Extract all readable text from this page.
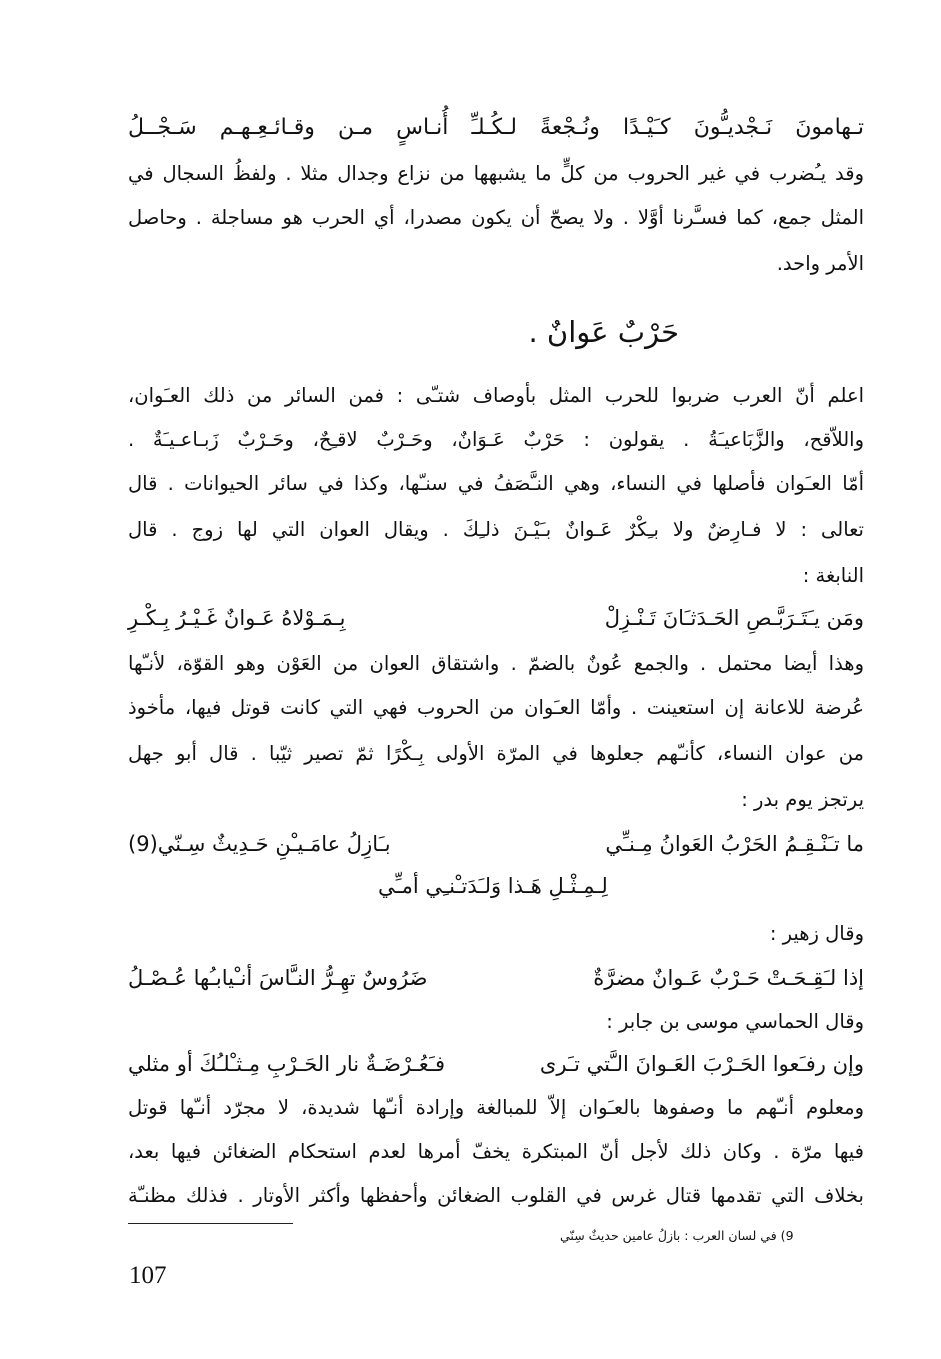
تـهامونَ نَـجْديـُّونَ كـَيْـدًا ونُـجْعةً لـكُـلـِّ أُنـاسٍ مـن وقـائـعِـهـم سَـجْــلُ
وقد يـُضرب في غير الحروب من كلٍّ ما يشبهها من نزاع وجدال مثلا . ولفظُ السجال في
المثل جمع، كما فسـَّرنا أوَّلا . ولا يصحّ أن يكون مصدرا، أي الحرب هو مساجلة . وحاصل
الأمر واحد.
اعلم أنّ العرب ضربوا للحرب المثل بأوصاف شتـّى : فمن السائر من ذلك العـَوان،
واللاّقح، والزَّبَاعيـَةُ . يقولون : حَرْبٌ عَـوَانٌ، وحَـرْبٌ لاقـِحٌ، وحَـرْبٌ زَبـاعـيـَةٌ .
أمّا العـَوان فأصلها في النساء، وهي النـَّصَفُ في سنـّها، وكذا في سائر الحيوانات . قال
تعالى : لا فـارِضٌ ولا بـِكْرٌ عَـوانٌ بـَيْـنَ ذلـِكَ . ويقال العوان التي لها زوج . قال
النابغة :
وهذا أيضا محتمل . والجمع عُونٌ بالضمّ . واشتقاق العوان من العَوْن وهو القوّة، لأنـّها
عُرضة للاعانة إن استعينت . وأمّا العـَوان من الحروب فهي التي كانت قوتل فيها، مأخوذ
من عوان النساء، كأنـّهم جعلوها في المرّة الأولى بِـكْرًا ثمّ تصير ثيّبا . قال أبو جهل
يرتجز يوم بدر :
وقال زهير :
وقال الحماسي موسى بن جابر :
ومعلوم أنـّهم ما وصفوها بالعـَوان إلاّ للمبالغة وإرادة أنـّها شديدة، لا مجرّد أنـّها قوتل
فيها مرّة . وكان ذلك لأجل أنّ المبتكرة يخفّ أمرها لعدم استحكام الضغائن فيها بعد،
بخلاف التي تقدمها قتال غرس في القلوب الضغائن وأحفظها وأكثر الأوتار . فذلك مظنـّة
حَرْبٌ عَوانٌ .
ومَن يـَتَـرَبَّـصِ الحَـدَثـَانَ تَـنْـزِلْ
بِـمَـوْلاهُ عَـوانٌ غَـيْـرُ بِـكْـرِ
ما تـَنْـقِـمُ الحَرْبُ العَوانُ مِـنـِّي
بـَازِلُ عامَـيـْنِ حَـدِيثٌ سِـنّي(9)
لِـمِـثْـلِ هَـذا وَلـَدَتـْنـِي أمـِّي
إذا لـَقِـحَـتْ حَـرْبٌ عَـوانٌ مضرَّةٌ
ضَرُوسٌ تهِـرُّ النـَّاسَ أنـْيابـُها عُـصْـلُ
وإن رفـَعوا الحَـرْبَ العَـوانَ الـَّتي تـَرى
فـَعُـرْضَـةٌ نار الحَـرْبِ مِـثـْلـُكَ أو مثلي
9) في لسان العرب : بازلُ عامين حديثٌ سِنّي
107
